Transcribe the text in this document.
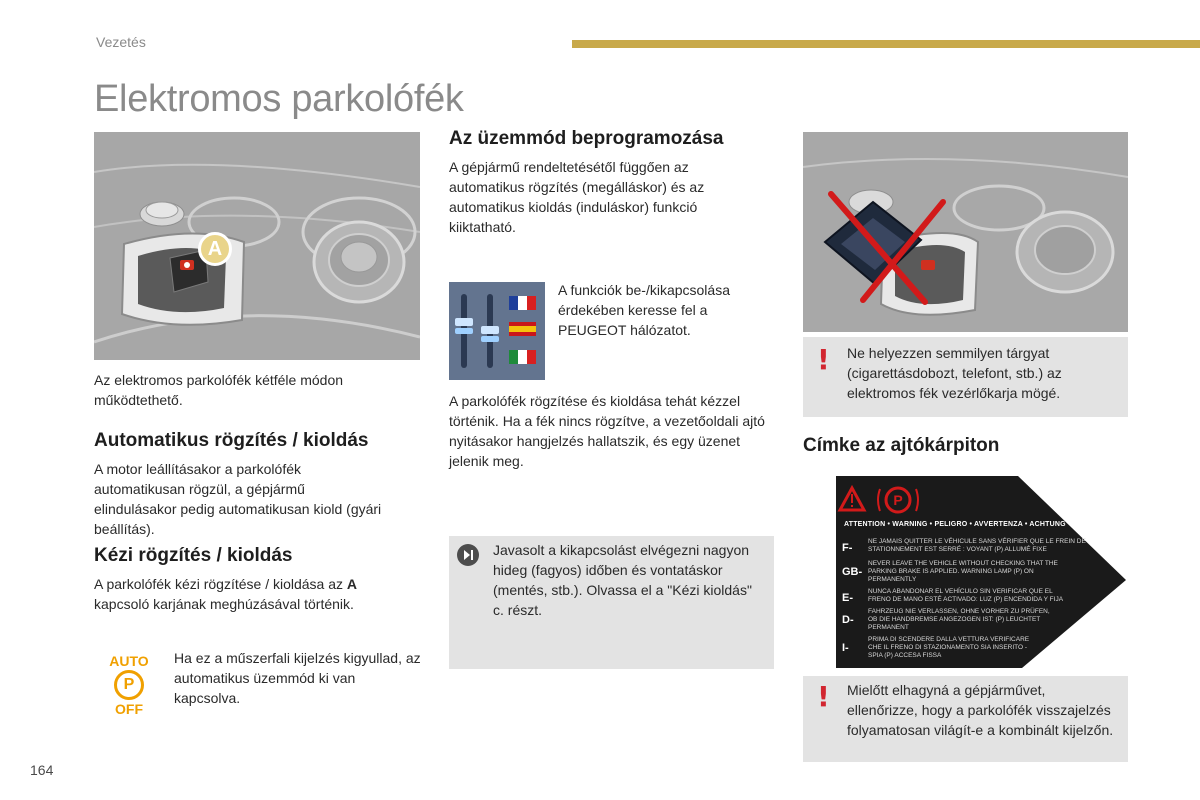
Vezetés
Elektromos parkolófék
A
Az elektromos parkolófék kétféle módon működtethető.
Automatikus rögzítés / kioldás
A motor leállításakor a parkolófék automatikusan rögzül, a gépjármű elindulásakor pedig automatikusan kiold (gyári beállítás).
Kézi rögzítés / kioldás
A parkolófék kézi rögzítése / kioldása az A kapcsoló karjának meghúzásával történik.
AUTO
P
OFF
Ha ez a műszerfali kijelzés kigyullad, az automatikus üzemmód ki van kapcsolva.
Az üzemmód beprogramozása
A gépjármű rendeltetésétől függően az automatikus rögzítés (megálláskor) és az automatikus kioldás (induláskor) funkció kiiktatható.
A funkciók be-/kikapcsolása érdekében keresse fel a PEUGEOT hálózatot.
A parkolófék rögzítése és kioldása tehát kézzel történik. Ha a fék nincs rögzítve, a vezetőoldali ajtó nyitásakor hangjelzés hallatszik, és egy üzenet jelenik meg.
Javasolt a kikapcsolást elvégezni nagyon hideg (fagyos) időben és vontatáskor (mentés, stb.). Olvassa el a "Kézi kioldás" c. részt.
! Ne helyezzen semmilyen tárgyat (cigarettásdobozt, telefont, stb.) az elektromos fék vezérlőkarja mögé.
Címke az ajtókárpiton
P
ATTENTION • WARNING • PELIGRO • AVVERTENZA • ACHTUNG
F-
NE JAMAIS QUITTER LE VÉHICULE SANS VÉRIFIER QUE LE FREIN DE
STATIONNEMENT EST SERRÉ : VOYANT (P) ALLUMÉ FIXE
GB-
NEVER LEAVE THE VEHICLE WITHOUT CHECKING THAT THE
PARKING BRAKE IS APPLIED. WARNING LAMP (P) ON
PERMANENTLY
E-
NUNCA ABANDONAR EL VEHÍCULO SIN VERIFICAR QUE EL
FRENO DE MANO ESTÉ ACTIVADO: LUZ (P) ENCENDIDA Y FIJA
D-
FAHRZEUG NIE VERLASSEN, OHNE VORHER ZU PRÜFEN,
OB DIE HANDBREMSE ANGEZOGEN IST: (P) LEUCHTET
PERMANENT
I-
PRIMA DI SCENDERE DALLA VETTURA VERIFICARE
CHE IL FRENO DI STAZIONAMENTO SIA INSERITO -
SPIA (P) ACCESA FISSA
! Mielőtt elhagyná a gépjárművet, ellenőrizze, hogy a parkolófék visszajelzés folyamatosan világít-e a kombinált kijelzőn.
164
